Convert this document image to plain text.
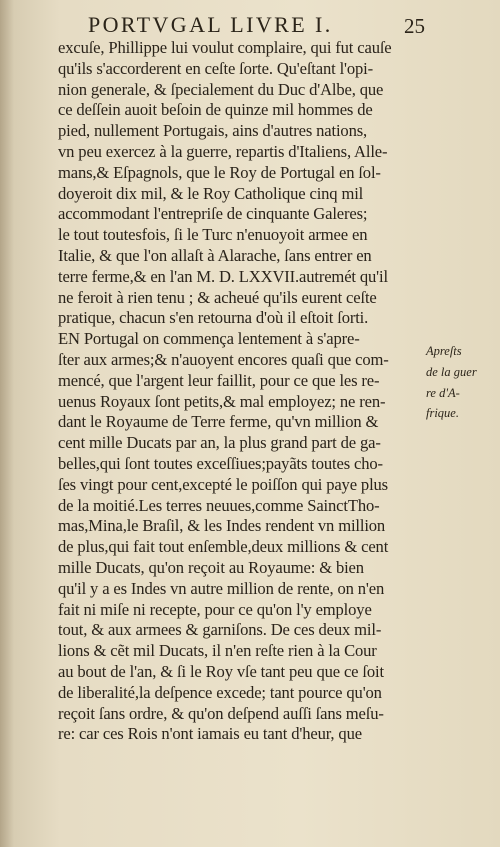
PORTVGAL LIVRE I.	25
excuſe, Phillippe lui voulut complaire, qui fut cauſe
qu'ils s'accorderent en ceſte ſorte. Qu'eſtant l'opi-
nion generale, & ſpecialement du Duc d'Albe, que
ce deſſein auoit beſoin de quinze mil hommes de
pied, nullement Portugais, ains d'autres nations,
vn peu exercez à la guerre, repartis d'Italiens, Alle-
mans,& Eſpagnols, que le Roy de Portugal en ſol-
doyeroit dix mil, & le Roy Catholique cinq mil
accommodant l'entrepriſe de cinquante Galeres;
le tout toutesfois, ſi le Turc n'enuoyoit armee en
Italie, & que l'on allaſt à Alarache, ſans entrer en
terre ferme,& en l'an M. D. LXXVII.autremét qu'il
ne feroit à rien tenu ; & acheué qu'ils eurent ceſte
pratique, chacun s'en retourna d'où il eſtoit ſorti.
EN Portugal on commença lentement à s'apre-
ſter aux armes;& n'auoyent encores quaſi que com-
mencé, que l'argent leur faillit, pour ce que les re-
uenus Royaux ſont petits,& mal employez; ne ren-
dant le Royaume de Terre ferme, qu'vn million &
cent mille Ducats par an, la plus grand part de ga-
belles,qui ſont toutes exceſſiues;payãts toutes cho-
ſes vingt pour cent,excepté le poiſſon qui paye plus
de la moitié.Les terres neuues,comme SainctTho-
mas,Mina,le Braſil, & les Indes rendent vn million
de plus,qui fait tout enſemble,deux millions & cent
mille Ducats, qu'on reçoit au Royaume: & bien
qu'il y a es Indes vn autre million de rente, on n'en
fait ni miſe ni recepte, pour ce qu'on l'y employe
tout, & aux armees & garniſons. De ces deux mil-
lions & cẽt mil Ducats, il n'en reſte rien à la Cour
au bout de l'an, & ſi le Roy vſe tant peu que ce ſoit
de liberalité,la deſpence excede; tant pource qu'on
reçoit ſans ordre, & qu'on deſpend auſſi ſans meſu-
re: car ces Rois n'ont iamais eu tant d'heur, que
Apreſts
de la guer
re d'A-
frique.
